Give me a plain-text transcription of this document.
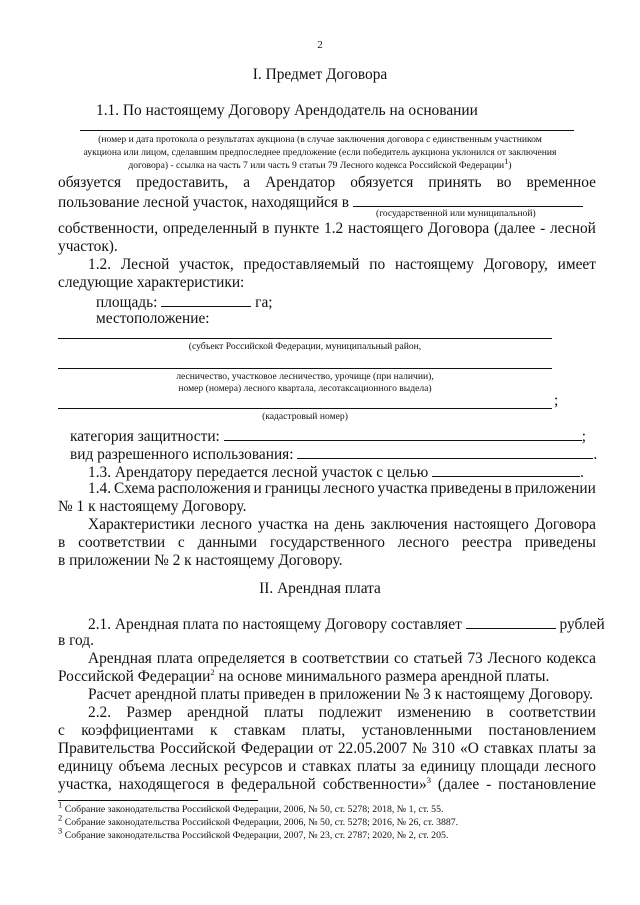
2
I. Предмет Договора
1.1. По настоящему Договору Арендодатель на основании
(номер и дата протокола о результатах аукциона (в случае заключения договора с единственным участником
аукциона или лицом, сделавшим предпоследнее предложение (если победитель аукциона уклонился от заключения
договора) - ссылка на часть 7 или часть 9 статьи 79 Лесного кодекса Российской Федерации$^1$)
обязуется предоставить, а Арендатор обязуется принять во временное
пользование лесной участок, находящийся в
(государственной или муниципальной)
собственности, определенный в пункте 1.2 настоящего Договора (далее - лесной
участок).
1.2. Лесной участок, предоставляемый по настоящему Договору, имеет
следующие характеристики:
площадь:	га;
местоположение:
(субъект Российской Федерации, муниципальный район,
лесничество, участковое лесничество, урочище (при наличии),
номер (номера) лесного квартала, лесотаксационного выдела)
;
(кадастровый номер)
категория защитности:	;
вид разрешенного использования:	.
1.3. Арендатору передается лесной участок с целью	.
1.4. Схема расположения и границы лесного участка приведены в приложении
№ 1 к настоящему Договору.
Характеристики лесного участка на день заключения настоящего Договора
в соответствии с данными государственного лесного реестра приведены
в приложении № 2 к настоящему Договору.
II. Арендная плата
2.1. Арендная плата по настоящему Договору составляет	рублей
в год.
Арендная плата определяется в соответствии со статьей 73 Лесного кодекса
Российской Федерации$^2$ на основе минимального размера арендной платы.
Расчет арендной платы приведен в приложении № 3 к настоящему Договору.
2.2. Размер арендной платы подлежит изменению в соответствии
с коэффициентами к ставкам платы, установленными постановлением
Правительства Российской Федерации от 22.05.2007 № 310 «О ставках платы за
единицу объема лесных ресурсов и ставках платы за единицу площади лесного
участка, находящегося в федеральной собственности»$^3$ (далее - постановление
$^1$ Собрание законодательства Российской Федерации, 2006, № 50, ст. 5278; 2018, № 1, ст. 55.
$^2$ Собрание законодательства Российской Федерации, 2006, № 50, ст. 5278; 2016, № 26, ст. 3887.
$^3$ Собрание законодательства Российской Федерации, 2007, № 23, ст. 2787; 2020, № 2, ст. 205.
